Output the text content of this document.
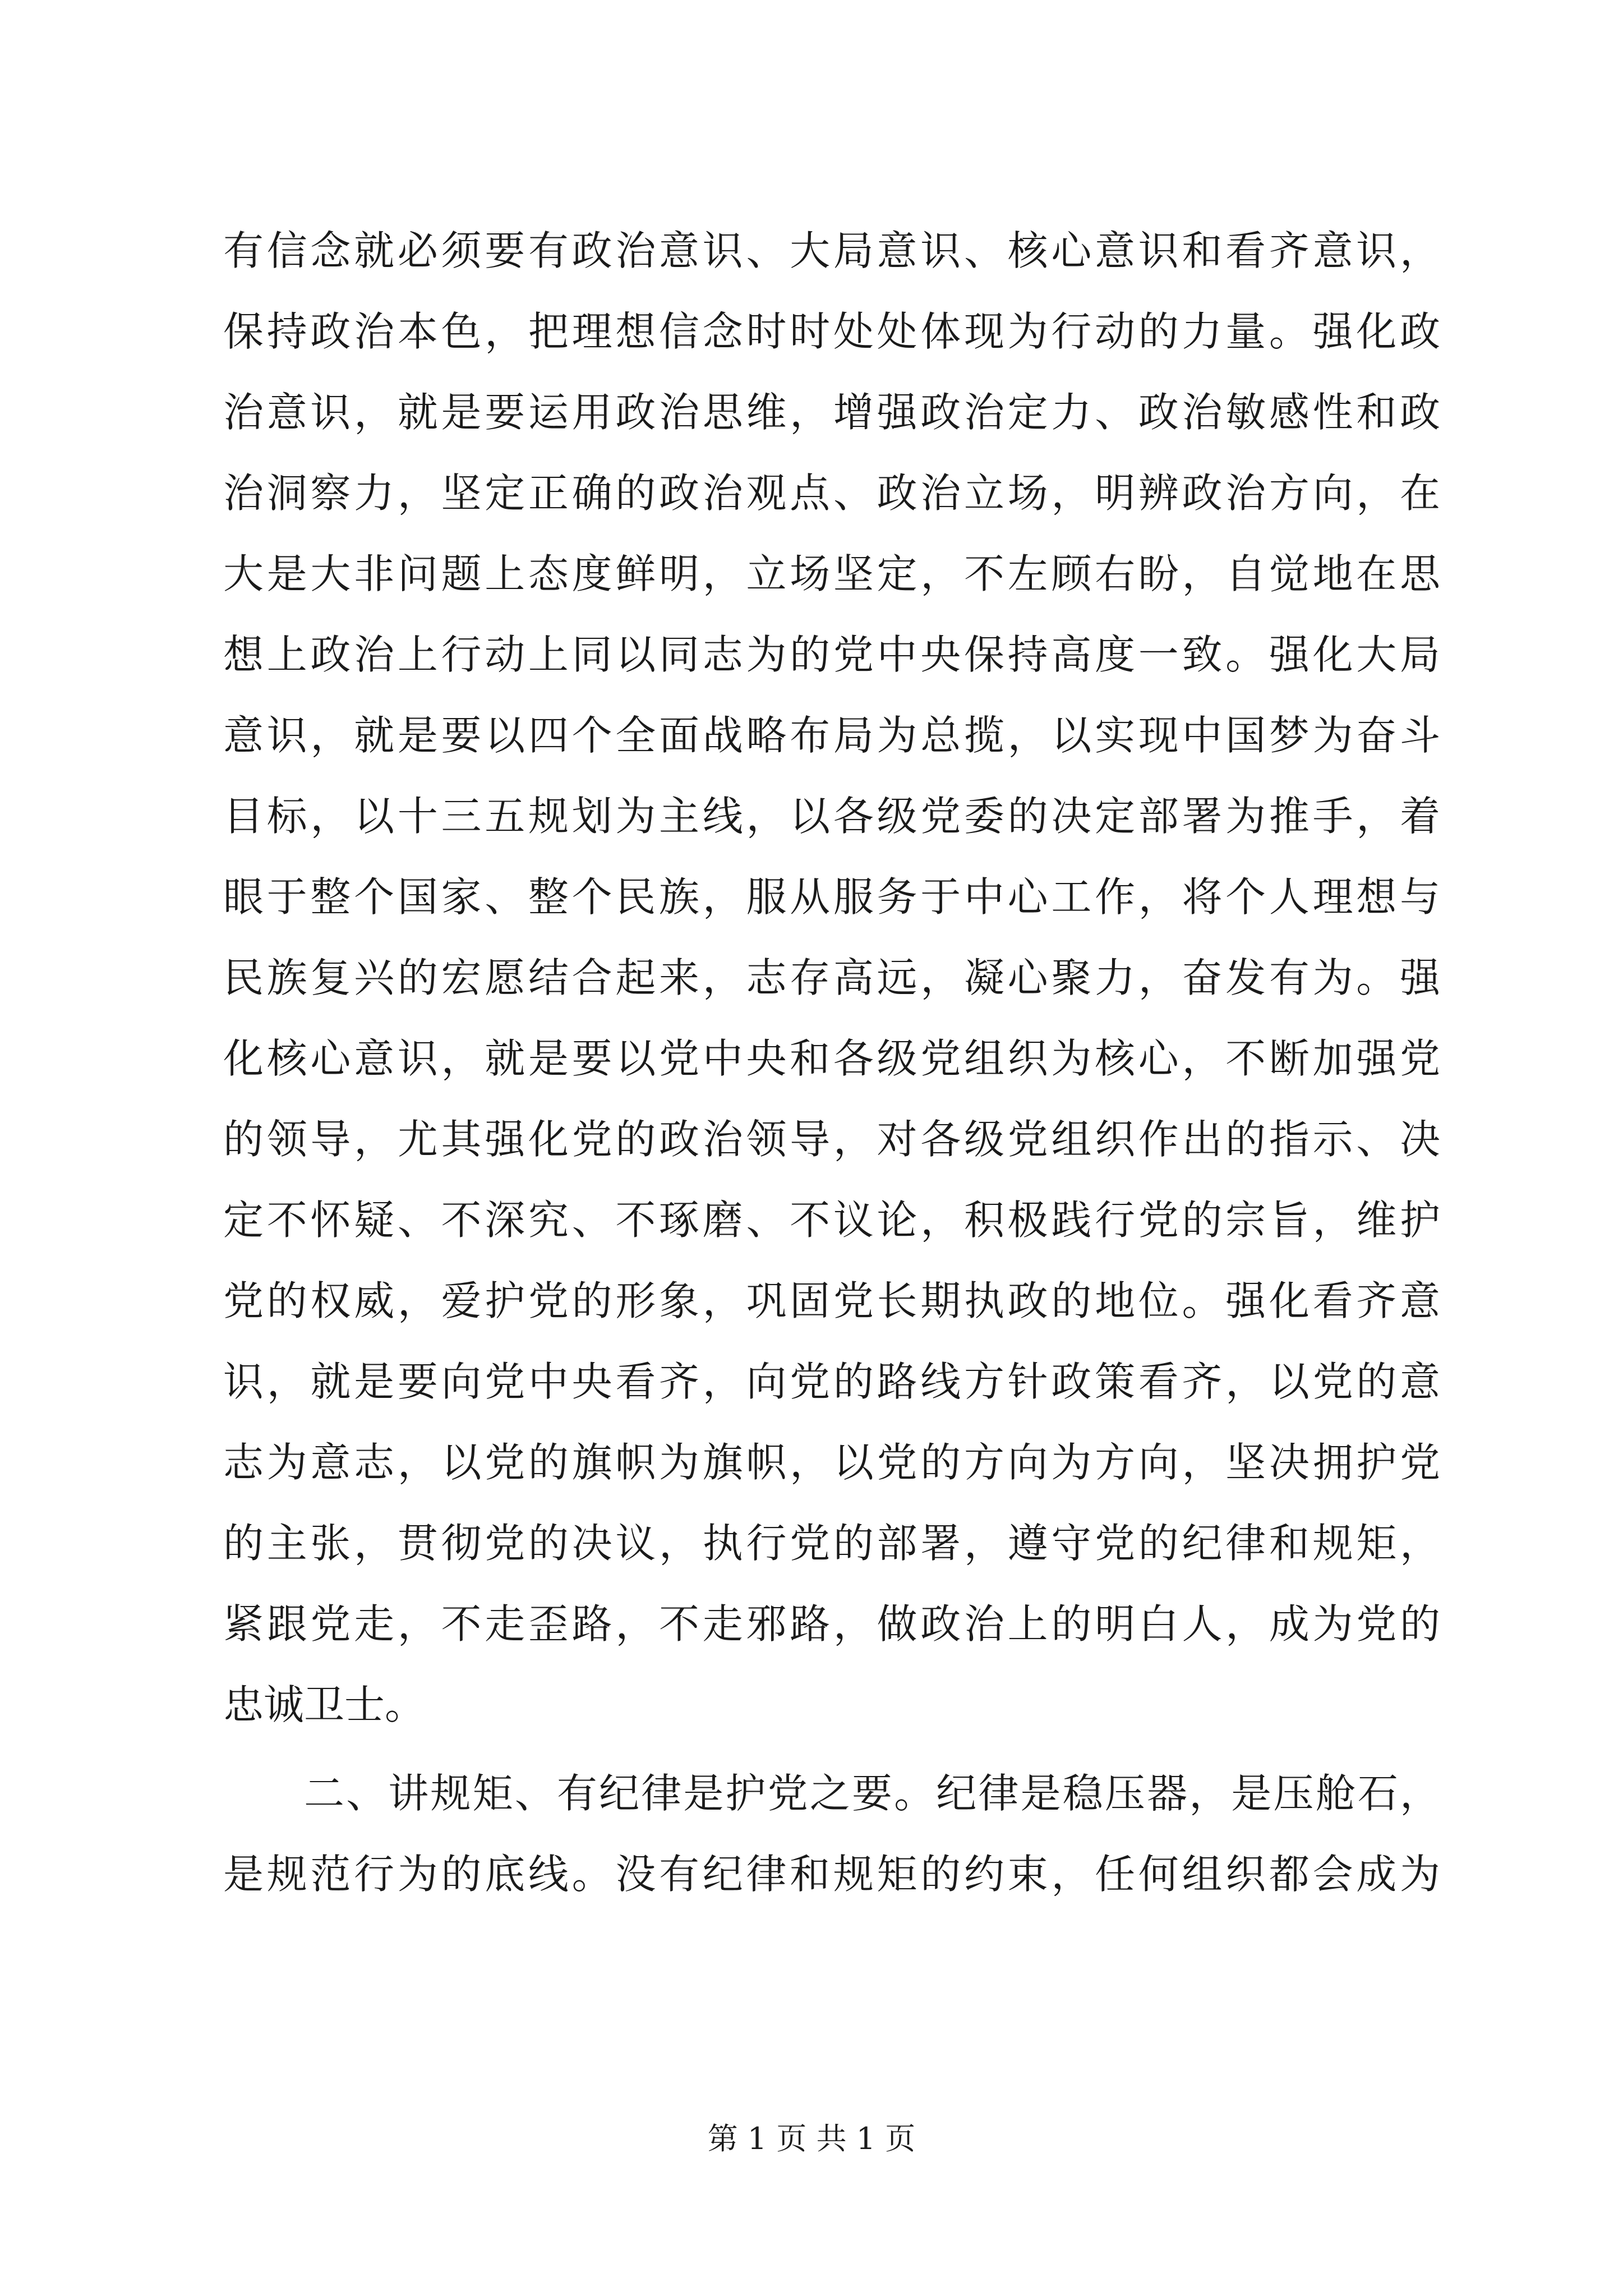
有信念就必须要有政治意识、大局意识、核心意识和看齐意识，
保持政治本色，把理想信念时时处处体现为行动的力量。强化政
治意识，就是要运用政治思维，增强政治定力、政治敏感性和政
治洞察力，坚定正确的政治观点、政治立场，明辨政治方向，在
大是大非问题上态度鲜明，立场坚定，不左顾右盼，自觉地在思
想上政治上行动上同以同志为的党中央保持高度一致。强化大局
意识，就是要以四个全面战略布局为总揽，以实现中国梦为奋斗
目标，以十三五规划为主线，以各级党委的决定部署为推手，着
眼于整个国家、整个民族，服从服务于中心工作，将个人理想与
民族复兴的宏愿结合起来，志存高远，凝心聚力，奋发有为。强
化核心意识，就是要以党中央和各级党组织为核心，不断加强党
的领导，尤其强化党的政治领导，对各级党组织作出的指示、决
定不怀疑、不深究、不琢磨、不议论，积极践行党的宗旨，维护
党的权威，爱护党的形象，巩固党长期执政的地位。强化看齐意
识，就是要向党中央看齐，向党的路线方针政策看齐，以党的意
志为意志，以党的旗帜为旗帜，以党的方向为方向，坚决拥护党
的主张，贯彻党的决议，执行党的部署，遵守党的纪律和规矩，
紧跟党走，不走歪路，不走邪路，做政治上的明白人，成为党的
忠诚卫士。
二、讲规矩、有纪律是护党之要。纪律是稳压器，是压舱石，
是规范行为的底线。没有纪律和规矩的约束，任何组织都会成为
第 1 页 共 1 页
